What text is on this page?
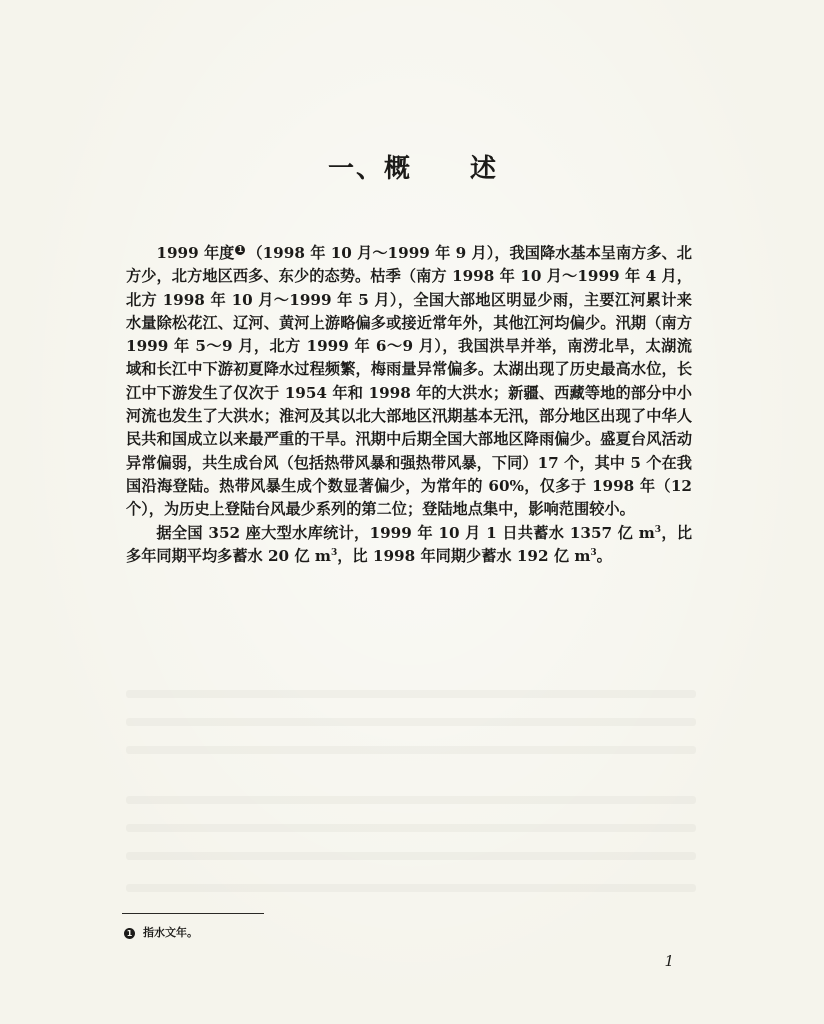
一、概 述

1999 年度 1 （1998 年 10 月～1999 年 9 月），我国降水基本呈南方多、北方少，北方地区西多、东少的态势。枯季（南方 1998 年 10 月～1999 年 4 月，北方 1998 年 10 月～1999 年 5 月），全国大部地区明显少雨，主要江河累计来水量除松花江、辽河、黄河上游略偏多或接近常年外，其他江河均偏少。汛期（南方 1999 年 5～9 月，北方 1999 年 6～9 月），我国洪旱并举，南涝北旱，太湖流域和长江中下游初夏降水过程频繁，梅雨量异常偏多。太湖出现了历史最高水位，长江中下游发生了仅次于 1954 年和 1998 年的大洪水；新疆、西藏等地的部分中小河流也发生了大洪水；淮河及其以北大部地区汛期基本无汛，部分地区出现了中华人民共和国成立以来最严重的干旱。汛期中后期全国大部地区降雨偏少。盛夏台风活动异常偏弱，共生成台风（包括热带风暴和强热带风暴，下同）17 个，其中 5 个在我国沿海登陆。热带风暴生成个数显著偏少，为常年的 60%，仅多于 1998 年（12 个），为历史上登陆台风最少系列的第二位；登陆地点集中，影响范围较小。

据全国 352 座大型水库统计，1999 年 10 月 1 日共蓄水 1357 亿 $m^3$，比多年同期平均多蓄水 20 亿 $m^3$，比 1998 年同期少蓄水 192 亿 $m^3$。

1 指水文年。
1
